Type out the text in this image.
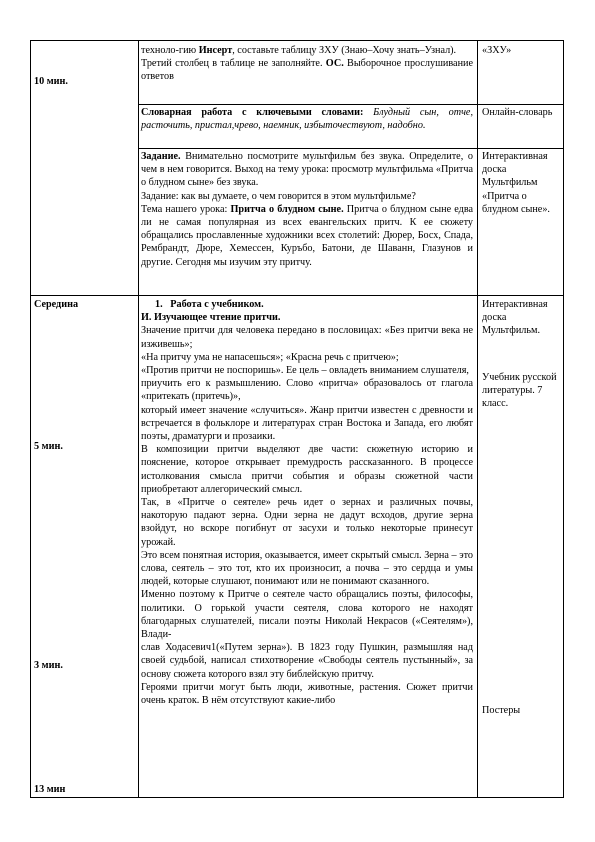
10 мин.

техноло-гию Инсерт, составьте таблицу ЗХУ (Знаю–Хочу знать–Узнал).

Третий столбец в таблице не заполняйте. ОС. Выборочное прослушивание ответов

«ЗХУ»

Словарная работа с ключевыми словами: Блудный сын, отче, расточить, пристал,чрево, наемник, избыточествуют, надобно.

Онлайн-словарь

Задание. Внимательно посмотрите мультфильм без звука. Определите, о чем в нем говорится. Выход на тему урока: просмотр мультфильма «Притча о блудном сыне» без звука.

Задание: как вы думаете, о чем говорится в этом мультфильме?

Тема нашего урока: Притча о блудном сыне. Притча о блудном сыне едва ли не самая популярная из всех евангельских притч. К ее сюжету обращались прославленные художники всех столетий: Дюрер, Босх, Спада, Рембрандт, Дюре, Хемессен, Куръбо, Батони, де Шаванн, Глазунов и другие. Сегодня мы изучим эту притчу.

Интерактивная доска Мультфильм «Притча о блудном сыне».
Середина
5 мин.
3 мин.
13 мин

1. Работа с учебником.

И. Изучающее чтение притчи.

Значение притчи для человека передано в пословицах: «Без притчи века не изживешь»;

«На притчу ума не напасешься»; «Красна речь с притчею»;

«Против притчи не поспоришь». Ее цель – овладеть вниманием слушателя,

приучить его к размышлению. Слово «притча» образовалось от глагола «притекать (притечь)»,

который имеет значение «случиться». Жанр притчи известен с древности и встречается в фольклоре и литературах стран Востока и Запада, его любят поэты, драматурги и прозаики.

В композиции притчи выделяют две части: сюжетную историю и пояснение, которое открывает премудрость рассказанного. В процессе истолкования смысла притчи события и образы сюжетной части приобретают аллегорический смысл.

Так, в «Притче о сеятеле» речь идет о зернах и различных почвы, накоторую падают зерна. Одни зерна не дадут всходов, другие зерна взойдут, но вскоре погибнут от засухи и только некоторые принесут урожай.

Это всем понятная история, оказывается, имеет скрытый смысл. Зерна – это слова, сеятель – это тот, кто их произносит, а почва – это сердца и умы людей, которые слушают, понимают или не понимают сказанного.

Именно поэтому к Притче о сеятеле часто обращались поэты, философы, политики. О горькой участи сеятеля, слова которого не находят благодарных слушателей, писали поэты Николай Некрасов («Сеятелям»), Влади-

слав Ходасевич1(«Путем зерна»). В 1823 году Пушкин, размышляя над своей судьбой, написал стихотворение «Свободы сеятель пустынный», за основу сюжета которого взял эту библейскую притчу.

Героями притчи могут быть люди, животные, растения. Сюжет притчи очень краток. В нём отсутствуют какие-либо

Интерактивная доска Мультфильм.
Учебник русской литературы. 7 класс.
Постеры
